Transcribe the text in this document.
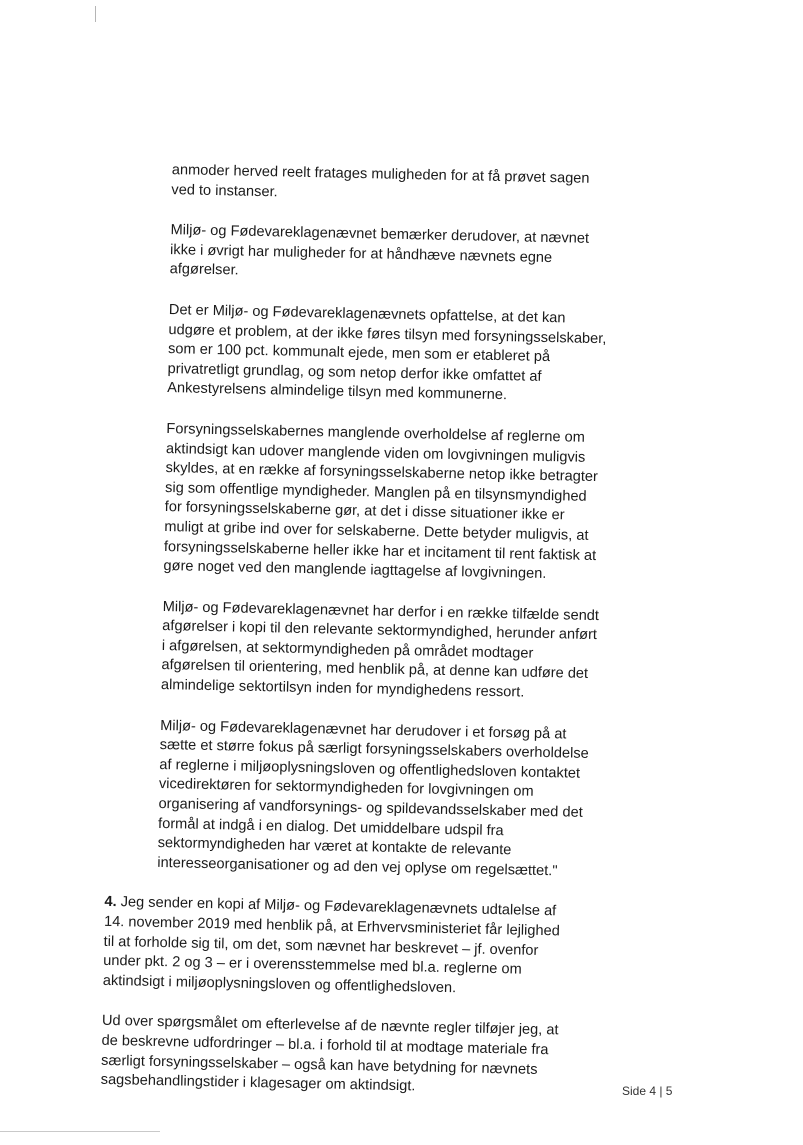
anmoder herved reelt fratages muligheden for at få prøvet sagen ved to instanser.

Miljø- og Fødevareklagenævnet bemærker derudover, at nævnet ikke i øvrigt har muligheder for at håndhæve nævnets egne afgørelser.

Det er Miljø- og Fødevareklagenævnets opfattelse, at det kan udgøre et problem, at der ikke føres tilsyn med forsyningsselskaber, som er 100 pct. kommunalt ejede, men som er etableret på privatretligt grundlag, og som netop derfor ikke omfattet af Ankestyrelsens almindelige tilsyn med kommunerne.

Forsyningsselskabernes manglende overholdelse af reglerne om aktindsigt kan udover manglende viden om lovgivningen muligvis skyldes, at en række af forsyningsselskaberne netop ikke betragter sig som offentlige myndigheder. Manglen på en tilsynsmyndighed for forsyningsselskaberne gør, at det i disse situationer ikke er muligt at gribe ind over for selskaberne. Dette betyder muligvis, at forsyningsselskaberne heller ikke har et incitament til rent faktisk at gøre noget ved den manglende iagttagelse af lovgivningen.

Miljø- og Fødevareklagenævnet har derfor i en række tilfælde sendt afgørelser i kopi til den relevante sektormyndighed, herunder anført i afgørelsen, at sektormyndigheden på området modtager afgørelsen til orientering, med henblik på, at denne kan udføre det almindelige sektortilsyn inden for myndighedens ressort.

Miljø- og Fødevareklagenævnet har derudover i et forsøg på at sætte et større fokus på særligt forsyningsselskabers overholdelse af reglerne i miljøoplysningsloven og offentlighedsloven kontaktet vicedirektøren for sektormyndigheden for lovgivningen om organisering af vandforsynings- og spildevandsselskaber med det formål at indgå i en dialog. Det umiddelbare udspil fra sektormyndigheden har været at kontakte de relevante interesseorganisationer og ad den vej oplyse om regelsættet."

4. Jeg sender en kopi af Miljø- og Fødevareklagenævnets udtalelse af 14. november 2019 med henblik på, at Erhvervsministeriet får lejlighed til at forholde sig til, om det, som nævnet har beskrevet – jf. ovenfor under pkt. 2 og 3 – er i overensstemmelse med bl.a. reglerne om aktindsigt i miljøoplysningsloven og offentlighedsloven.

Ud over spørgsmålet om efterlevelse af de nævnte regler tilføjer jeg, at de beskrevne udfordringer – bl.a. i forhold til at modtage materiale fra særligt forsyningsselskaber – også kan have betydning for nævnets sagsbehandlingstider i klagesager om aktindsigt.	Side 4 | 5
